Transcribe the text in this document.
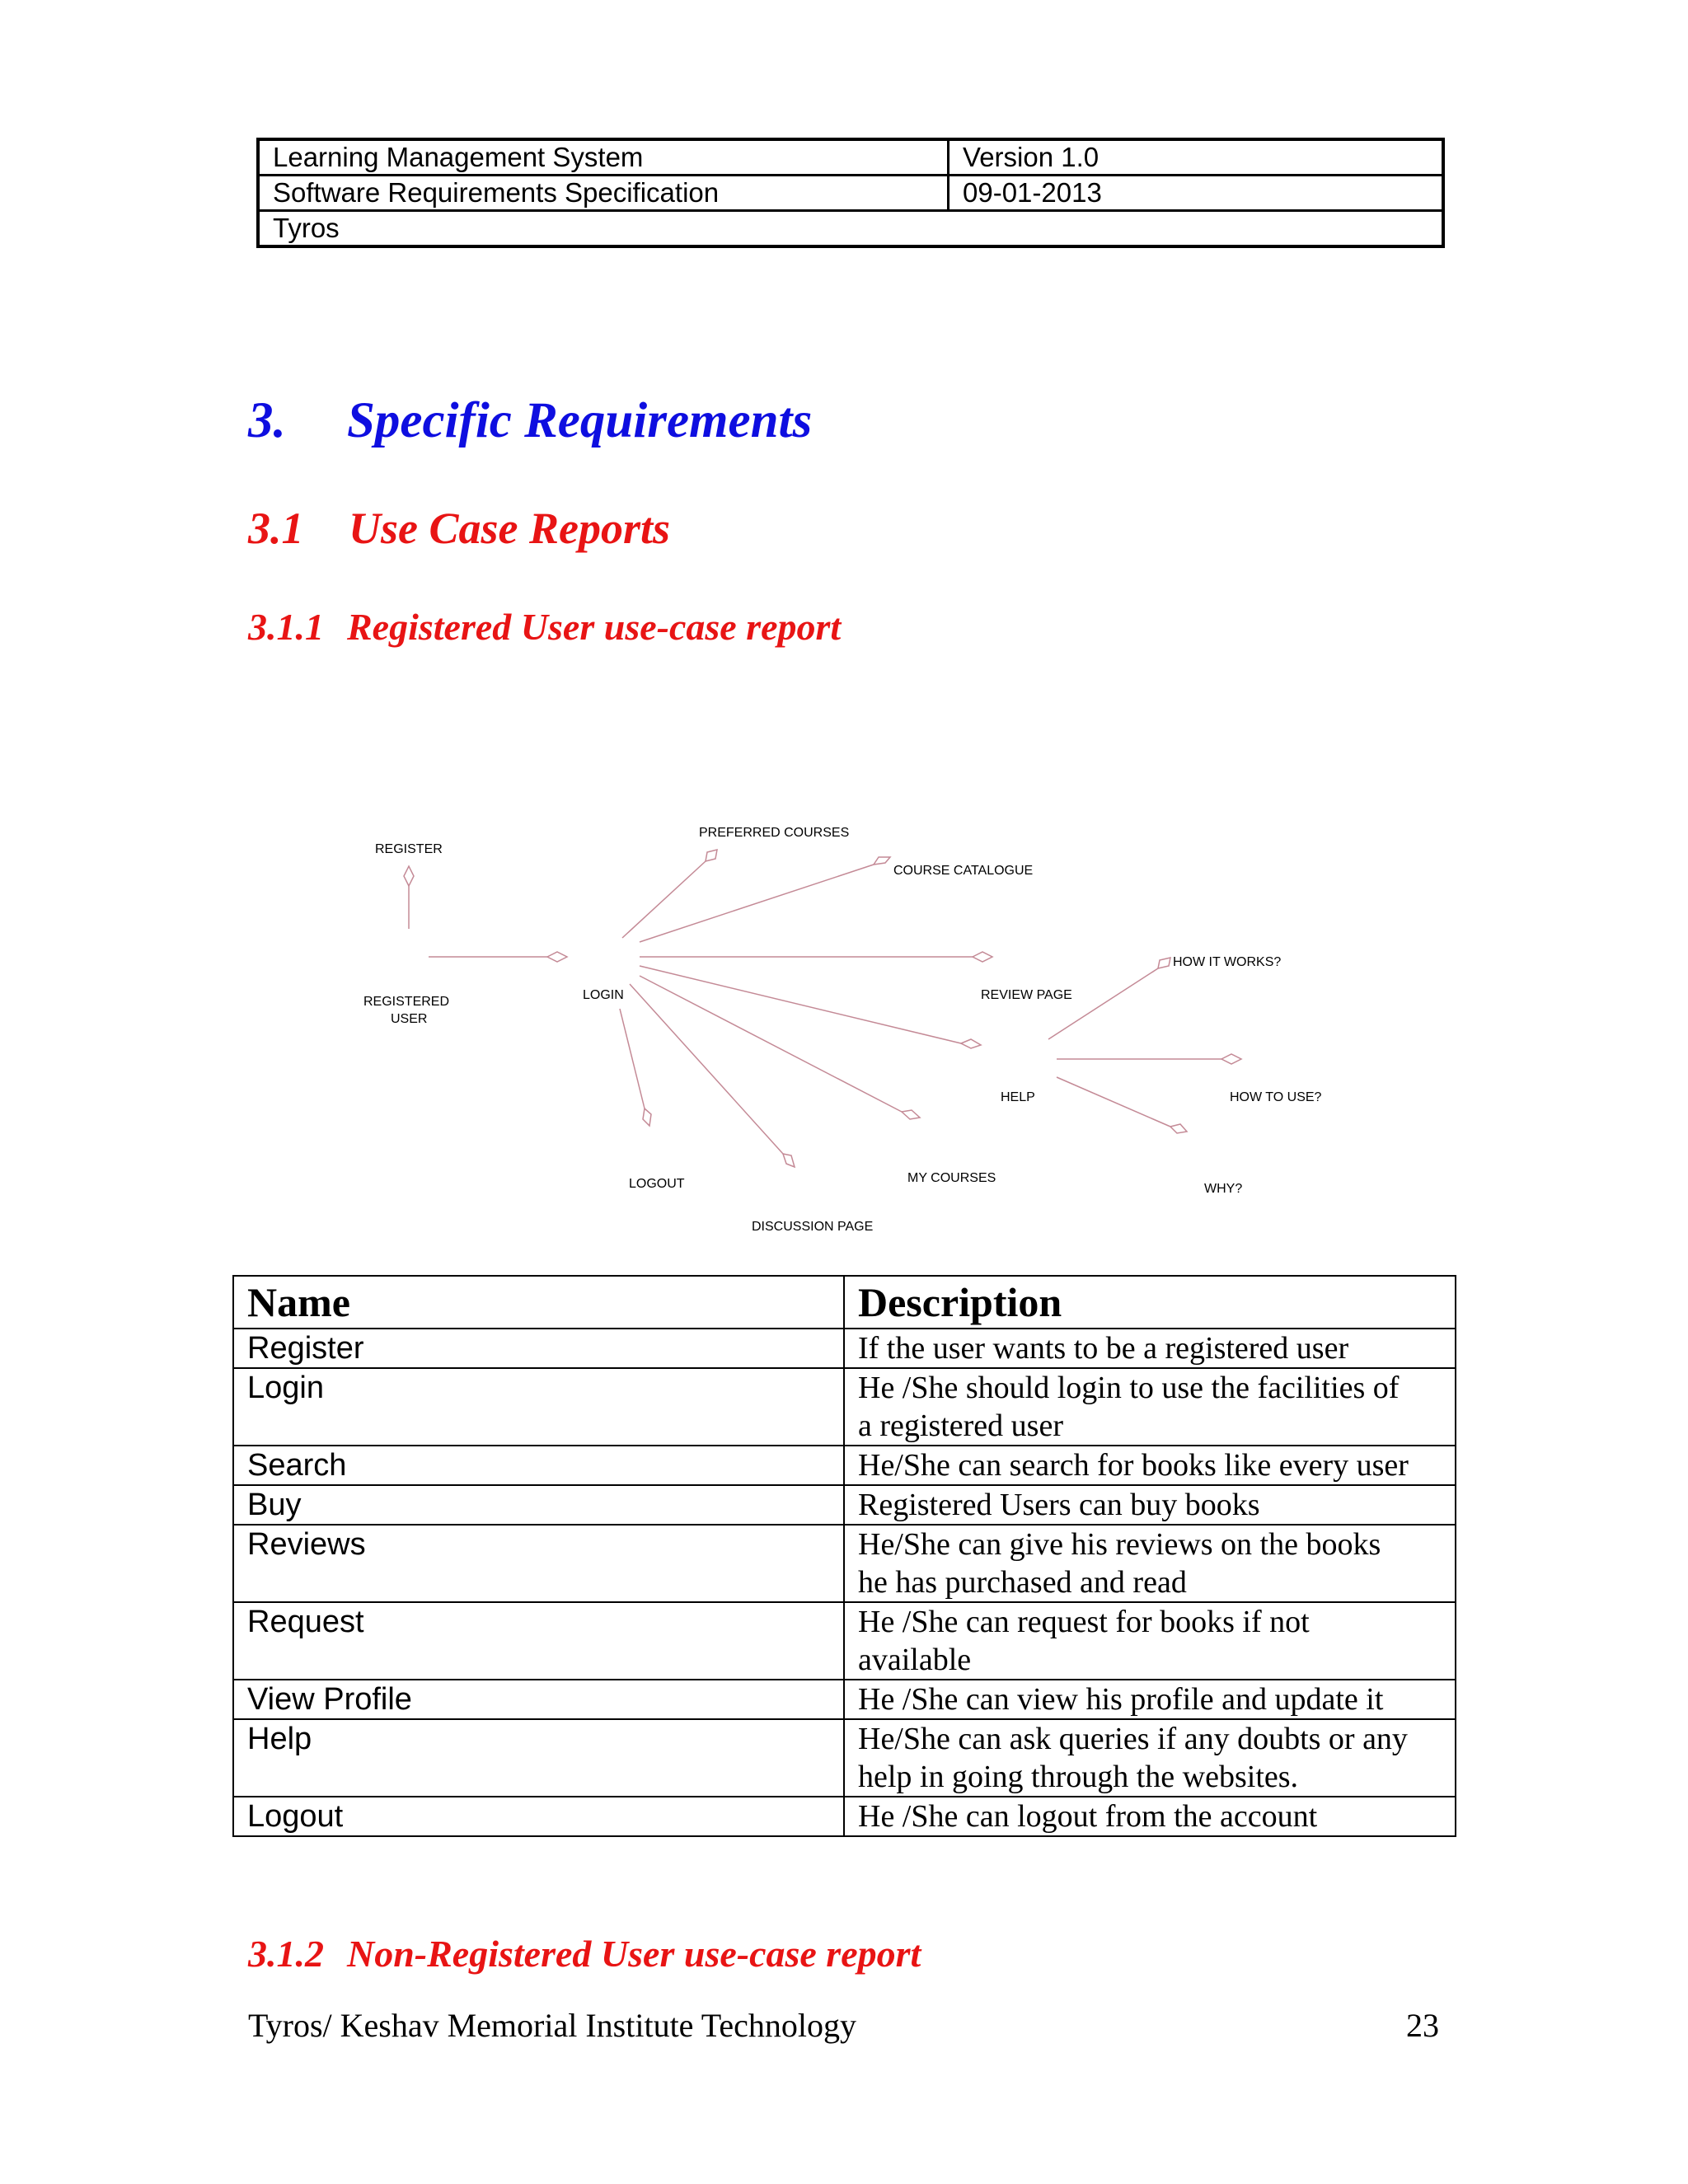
Learning Management System	Version 1.0
Software Requirements Specification	09-01-2013
Tyros	
3. Specific Requirements
3.1 Use Case Reports
3.1.1 Registered User use-case report
REGISTER
REGISTERED
USER
LOGIN
PREFERRED COURSES
COURSE CATALOGUE
REVIEW PAGE
HOW IT WORKS?
HELP	HOW TO USE?
WHY?
LOGOUT	MY COURSES
DISCUSSION PAGE
Name	Description
Register	If the user wants to be a registered user
Login	He /She should login to use the facilities of
a registered user
Search	He/She can search for books like every user
Buy	Registered Users can buy books
Reviews	He/She can give his reviews on the books
he has purchased and read
Request	He /She can request for books if not
available
View Profile	He /She can view his profile and update it
Help	He/She can ask queries if any doubts or any
help in going through the websites.
Logout	He /She can logout from the account
3.1.2 Non-Registered User use-case report
Tyros/ Keshav Memorial Institute Technology	23
